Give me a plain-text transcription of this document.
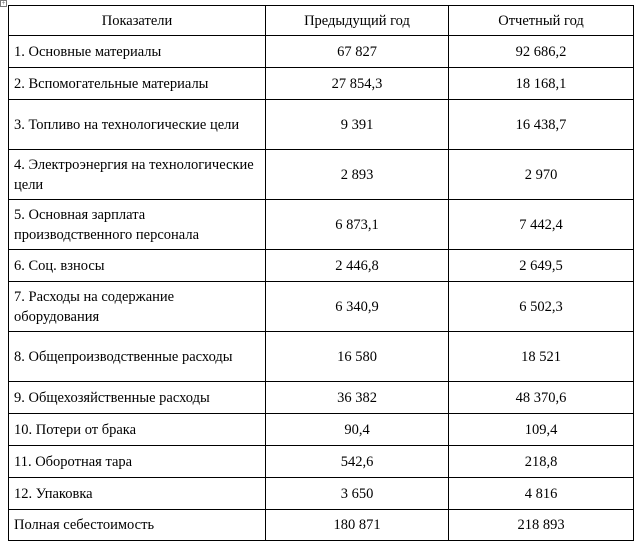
+
Показатели	Предыдущий год	Отчетный год
1. Основные материалы	67 827	92 686,2
2. Вспомогательные материалы	27 854,3	18 168,1
3. Топливо на технологические цели	9 391	16 438,7
4. Электроэнергия на технологические цели	2 893	2 970
5. Основная зарплата производственного персонала	6 873,1	7 442,4
6. Соц. взносы	2 446,8	2 649,5
7. Расходы на содержание оборудования	6 340,9	6 502,3
8. Общепроизводственные расходы	16 580	18 521
9. Общехозяйственные расходы	36 382	48 370,6
10. Потери от брака	90,4	109,4
11. Оборотная тара	542,6	218,8
12. Упаковка	3 650	4 816
Полная себестоимость	180 871	218 893
